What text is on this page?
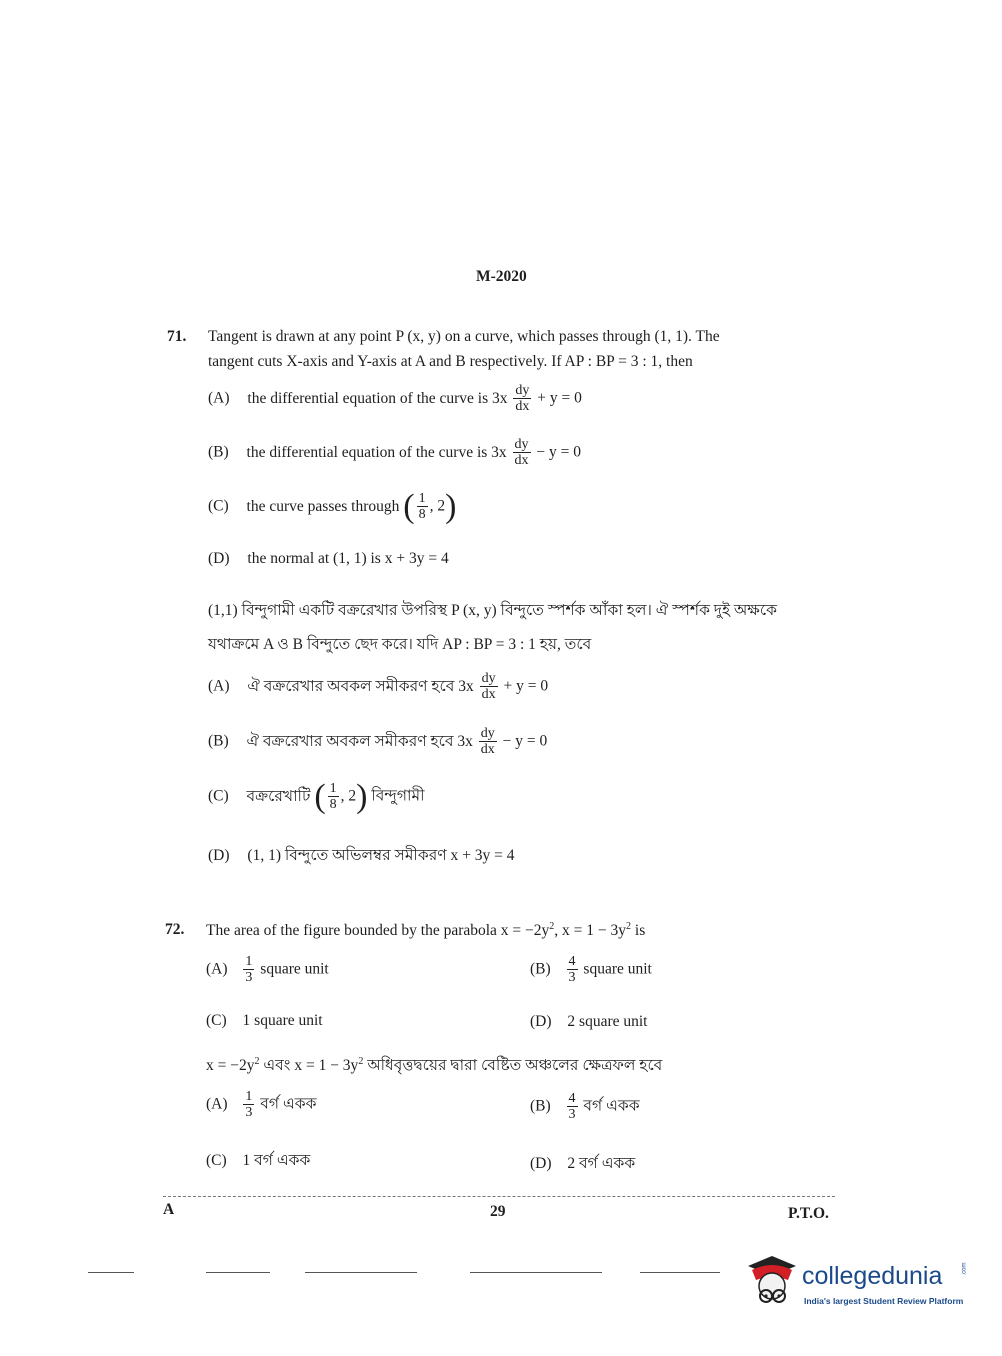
M-2020
71. Tangent is drawn at any point P (x, y) on a curve, which passes through (1, 1). The
tangent cuts X-axis and Y-axis at A and B respectively. If AP : BP = 3 : 1, then
(A) the differential equation of the curve is $3x \frac{dy}{dx} + y = 0$
(B) the differential equation of the curve is $3x \frac{dy}{dx} - y = 0$
(C) the curve passes through ( $\frac{1}{8}$ , 2)
(D) the normal at (1, 1) is x + 3y = 4
(1,1) বিন্দুগামী একটি বক্ররেখার উপরিস্থ P (x, y) বিন্দুতে স্পর্শক আঁকা হল। ঐ স্পর্শক দুই অক্ষকে
যথাক্রমে A ও B বিন্দুতে ছেদ করে। যদি AP : BP = 3 : 1 হয়, তবে
(A) ঐ বক্ররেখার অবকল সমীকরণ হবে $3x \frac{dy}{dx} + y = 0$
(B) ঐ বক্ররেখার অবকল সমীকরণ হবে $3x \frac{dy}{dx} - y = 0$
(C) বক্ররেখাটি ( $\frac{1}{8}$ , 2) বিন্দুগামী
(D) (1, 1) বিন্দুতে অভিলম্বর সমীকরণ x + 3y = 4
72. The area of the figure bounded by the parabola $x = -2y^2$, $x = 1 - 3y^2$ is
$(A) \frac{1}{3}$ square unit	$(B) \frac{4}{3}$ square unit
(C) 1 square unit	(D) 2 square unit
$x = -2y^2$ এবং $x = 1 - 3y^2$ অধিবৃত্তদ্বয়ের দ্বারা বেষ্টিত অঞ্চলের ক্ষেত্রফল হবে
$(A) \frac{1}{3}$ বর্গ একক	$(B) \frac{4}{3}$ বর্গ একক
(C) 1 বর্গ একক	(D) 2 বর্গ একক
A	29	P.T.O.
collegedunia	.com
India's largest Student Review Platform
